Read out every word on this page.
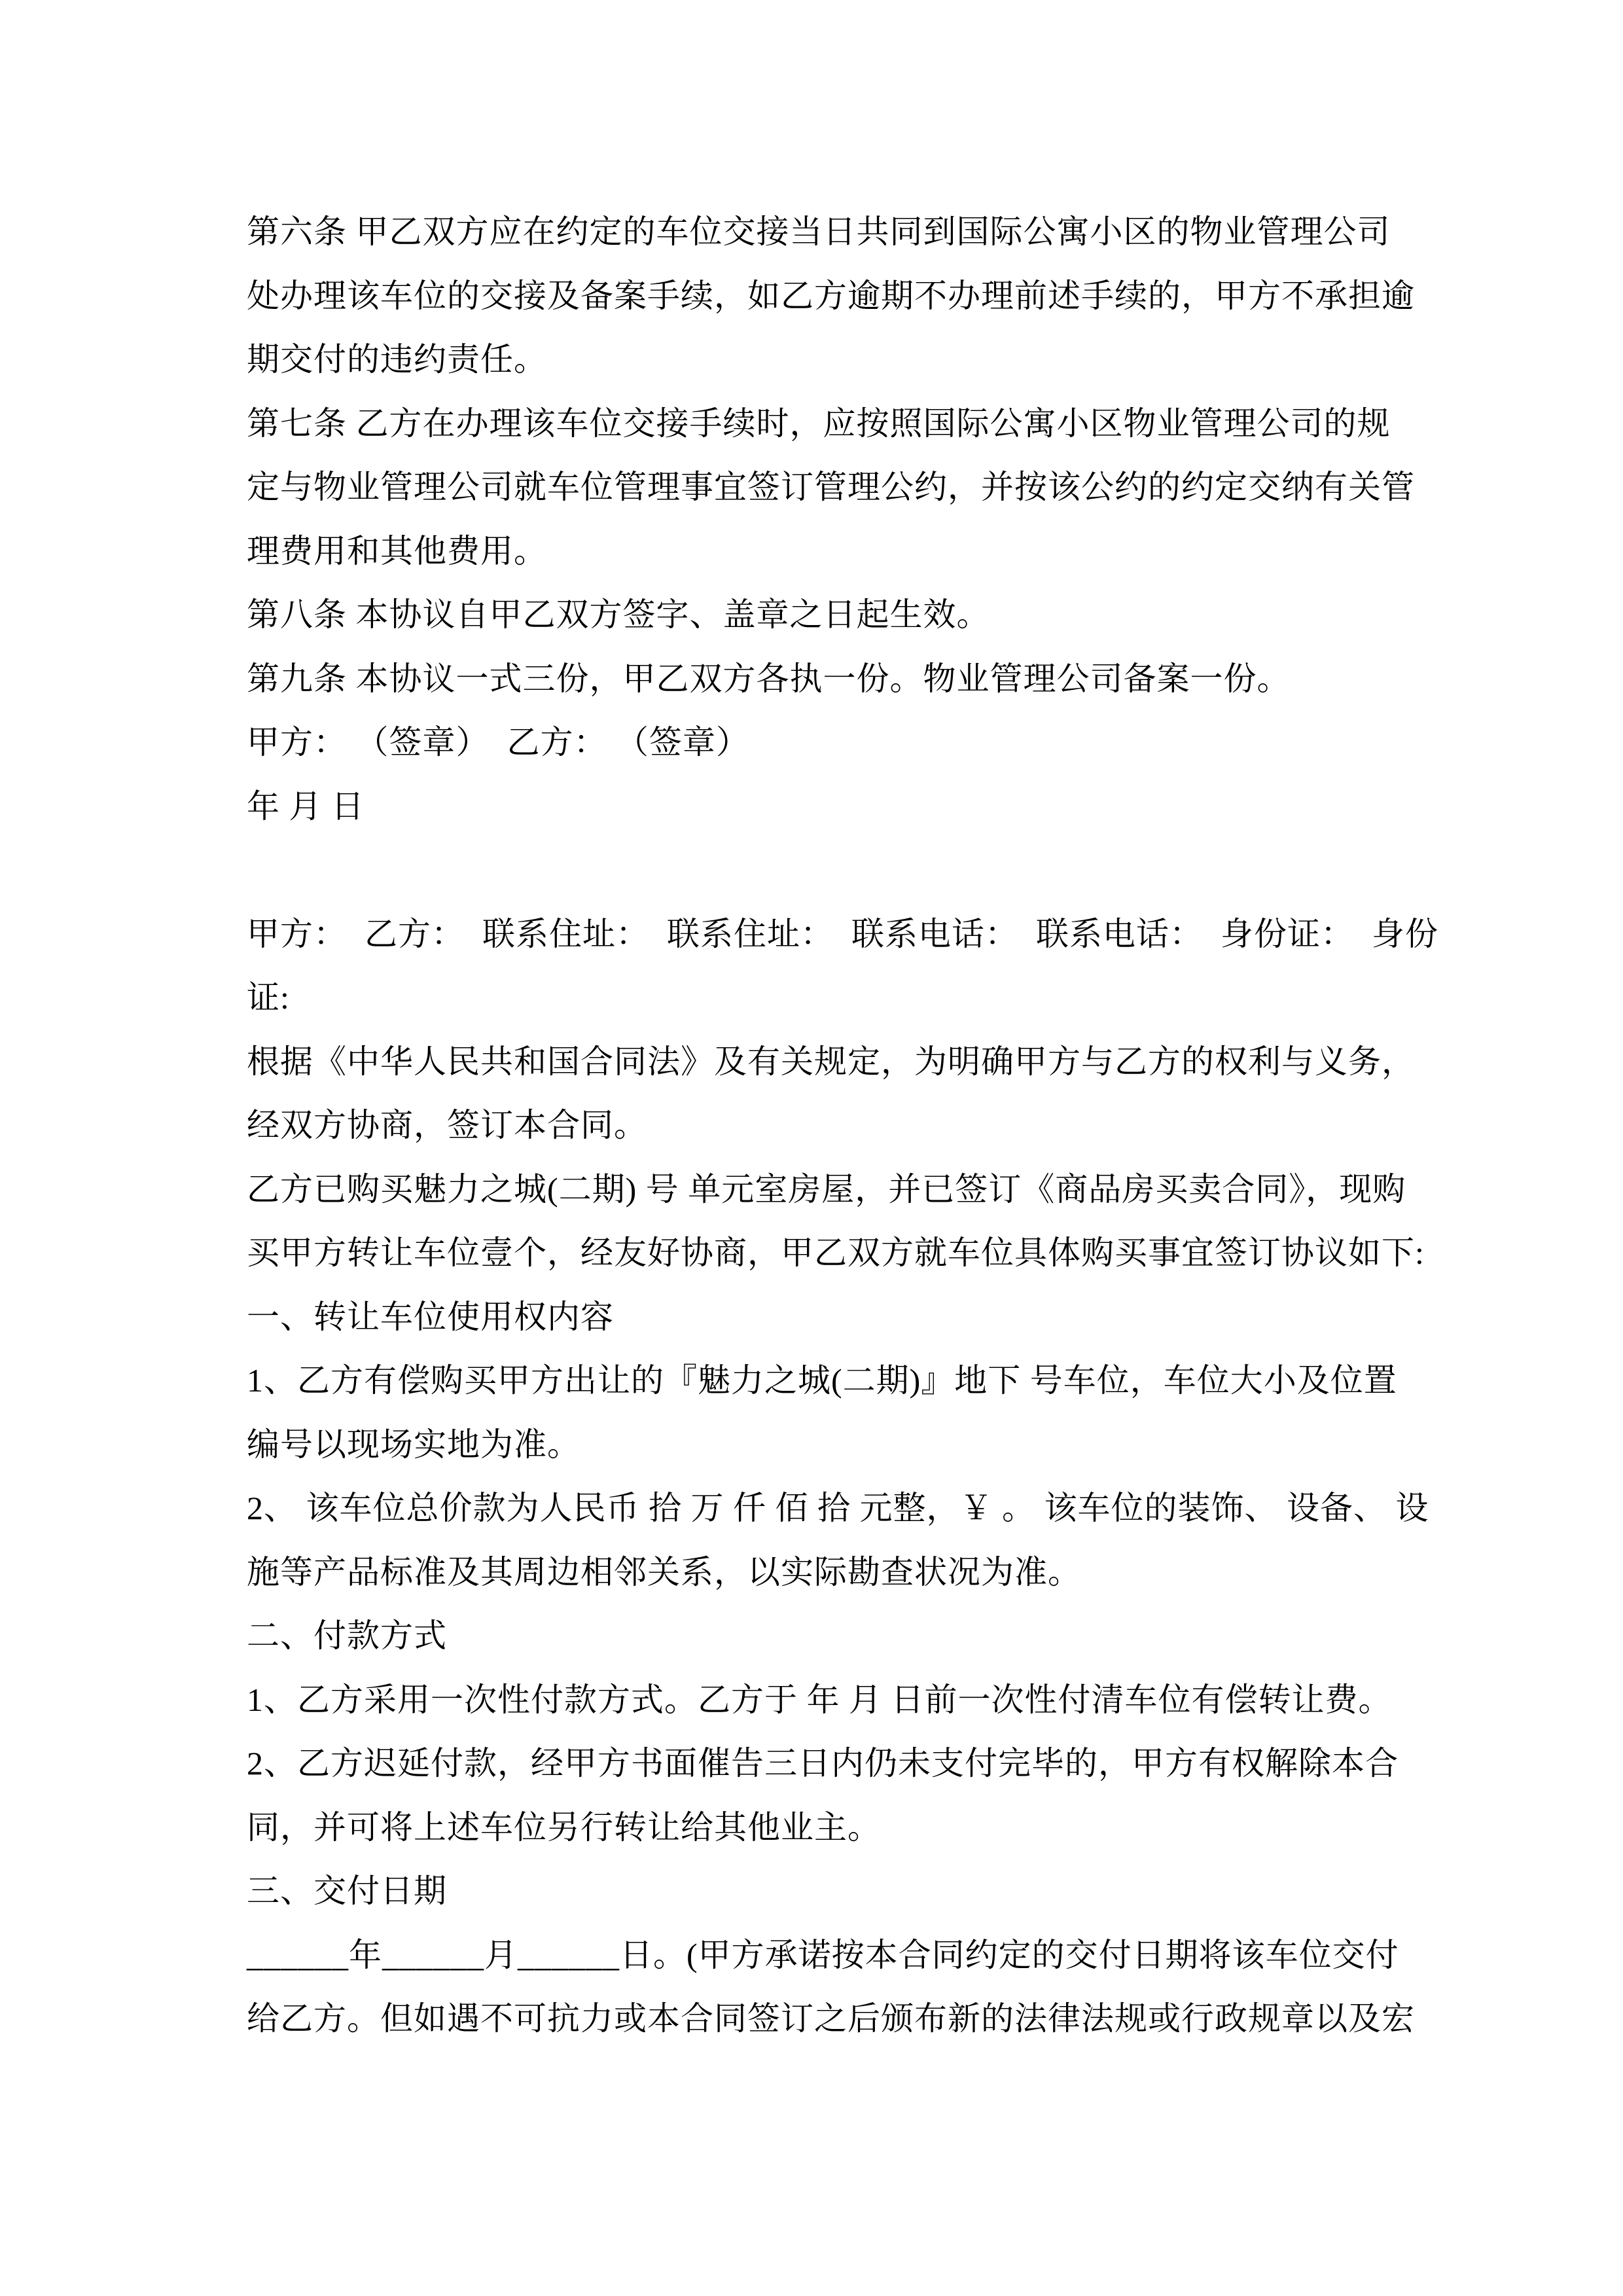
第六条 甲乙双方应在约定的车位交接当日共同到国际公寓小区的物业管理公司
处办理该车位的交接及备案手续，如乙方逾期不办理前述手续的，甲方不承担逾
期交付的违约责任。
第七条 乙方在办理该车位交接手续时，应按照国际公寓小区物业管理公司的规
定与物业管理公司就车位管理事宜签订管理公约，并按该公约的约定交纳有关管
理费用和其他费用。
第八条 本协议自甲乙双方签字、盖章之日起生效。
第九条 本协议一式三份，甲乙双方各执一份。物业管理公司备案一份。
甲方： （签章）  乙方： （签章）
年 月 日
甲方：  乙方：  联系住址：  联系住址：  联系电话：  联系电话：  身份证：  身份
证:
根据《中华人民共和国合同法》及有关规定，为明确甲方与乙方的权利与义务，
经双方协商，签订本合同。
乙方已购买魅力之城(二期) 号 单元室房屋，并已签订《商品房买卖合同》，现购
买甲方转让车位壹个，经友好协商，甲乙双方就车位具体购买事宜签订协议如下:
一、转让车位使用权内容
1、乙方有偿购买甲方出让的『魅力之城(二期)』地下 号车位，车位大小及位置
编号以现场实地为准。
2、 该车位总价款为人民币 拾 万 仟 佰 拾 元整，￥ 。 该车位的装饰、 设备、 设
施等产品标准及其周边相邻关系，以实际勘查状况为准。
二、付款方式
1、乙方采用一次性付款方式。乙方于 年 月 日前一次性付清车位有偿转让费。
2、乙方迟延付款，经甲方书面催告三日内仍未支付完毕的，甲方有权解除本合
同，并可将上述车位另行转让给其他业主。
三、交付日期
______年______月______日。(甲方承诺按本合同约定的交付日期将该车位交付
给乙方。但如遇不可抗力或本合同签订之后颁布新的法律法规或行政规章以及宏
